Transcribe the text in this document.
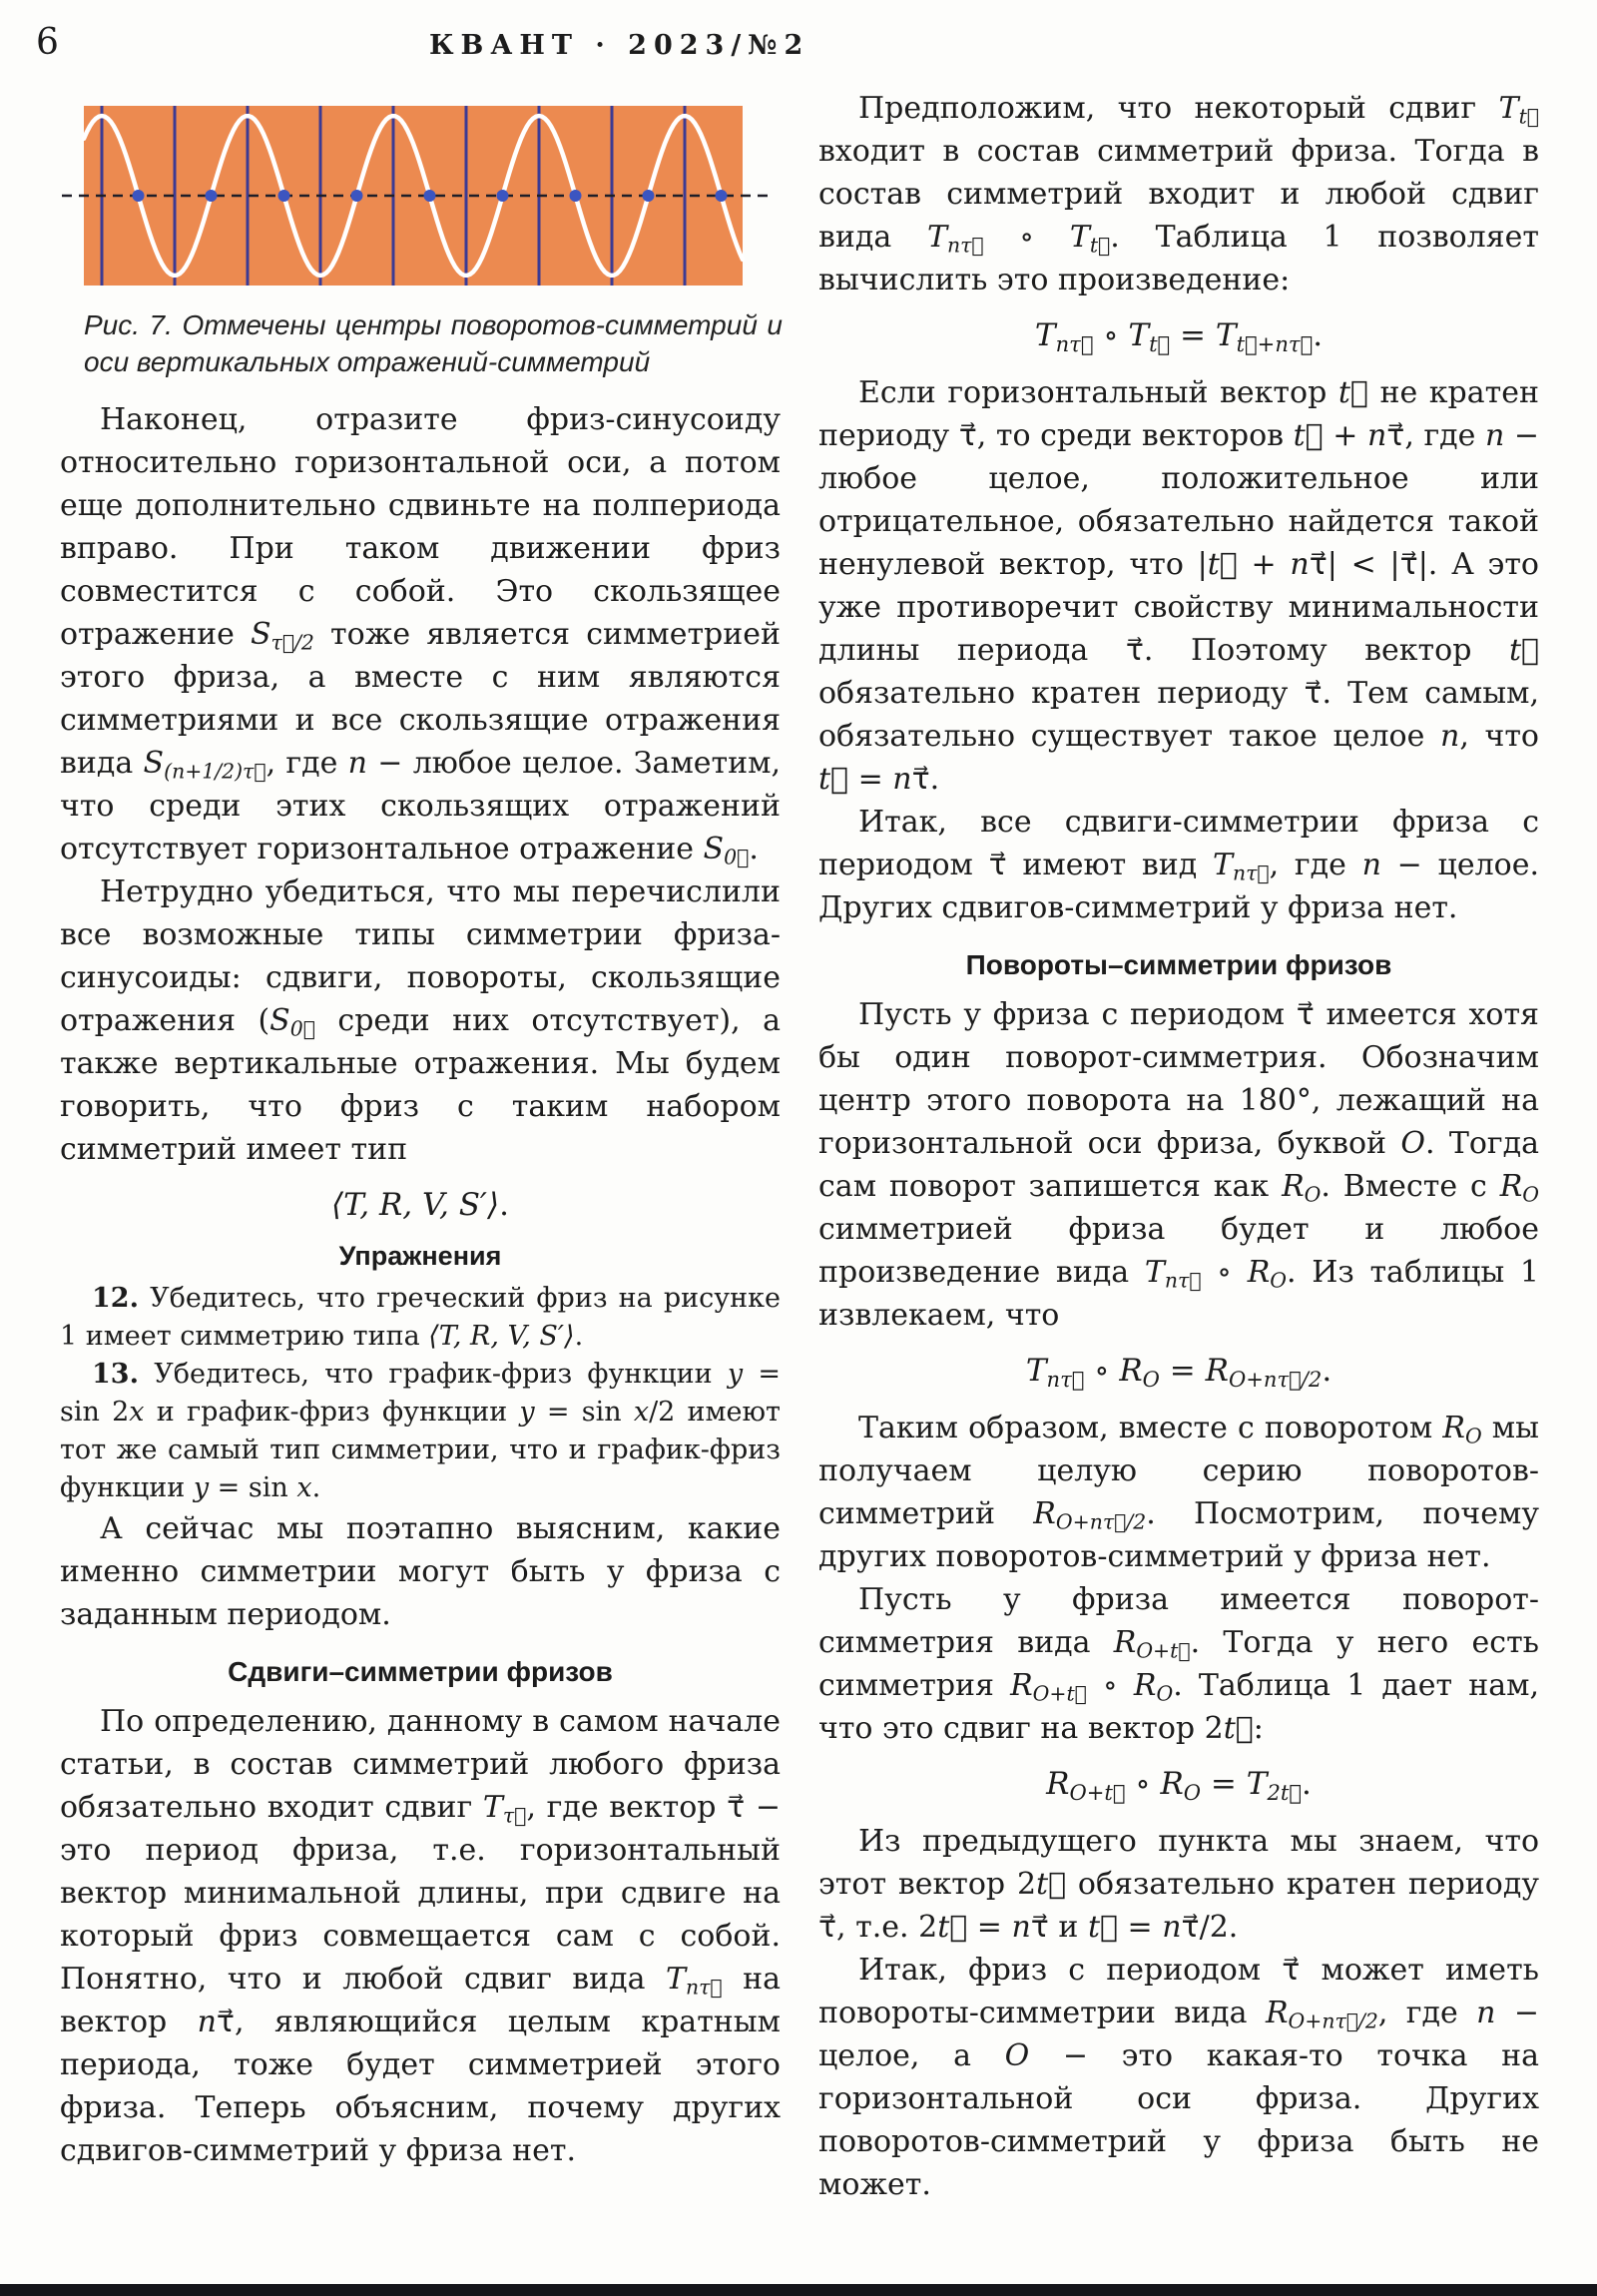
6	КВАНТ · 2023/№2
Рис. 7. Отмечены центры поворотов-симметрий и оси вертикальных отражений-симметрий

Наконец, отразите фриз-синусоиду относительно горизонтальной оси, а потом еще дополнительно сдвиньте на полпериода вправо. При таком движении фриз совместится с собой. Это скользящее отражение $S_{\tau⃗/2}$ тоже является симметрией этого фриза, а вместе с ним являются симметриями и все скользящие отражения вида $S_{(n+1/2)\tau⃗}$, где n − любое целое. Заметим, что среди этих скользящих отражений отсутствует горизонтальное отражение $S_{0⃗}$.

Нетрудно убедиться, что мы перечислили все возможные типы симметрии фриза-синусоиды: сдвиги, повороты, скользящие отражения ($S_{0⃗}$ среди них отсутствует), а также вертикальные отражения. Мы будем говорить, что фриз с таким набором симметрий имеет тип

⟨T, R, V, S′⟩.
Упражнения

12. Убедитесь, что греческий фриз на рисунке 1 имеет симметрию типа ⟨T, R, V, S′⟩.

13. Убедитесь, что график-фриз функции y = sin 2x и график-фриз функции y = sin x/2 имеют тот же самый тип симметрии, что и график-фриз функции y = sin x.

А сейчас мы поэтапно выясним, какие именно симметрии могут быть у фриза с заданным периодом.

Сдвиги–симметрии фризов

По определению, данному в самом начале статьи, в состав симметрий любого фриза обязательно входит сдвиг $T_{\tau⃗}$, где вектор τ⃗ − это период фриза, т.е. горизонтальный вектор минимальной длины, при сдвиге на который фриз совмещается сам с собой. Понятно, что и любой сдвиг вида $T_{n\tau⃗}$ на вектор nτ⃗, являющийся целым кратным периода, тоже будет симметрией этого фриза. Теперь объясним, почему других сдвигов-симметрий у фриза нет.

Предположим, что некоторый сдвиг $T_{t⃗}$ входит в состав симметрий фриза. Тогда в состав симметрий входит и любой сдвиг вида $T_{n\tau⃗}$ ∘ $T_{t⃗}$. Таблица 1 позволяет вычислить это произведение:

$T_{n\tau⃗}$ ∘ $T_{t⃗} = T_{t⃗+n\tau⃗}$.

Если горизонтальный вектор t⃗ не кратен периоду τ⃗, то среди векторов t⃗ + nτ⃗, где n − любое целое, положительное или отрицательное, обязательно найдется такой ненулевой вектор, что |t⃗ + nτ⃗| < |τ⃗|. А это уже противоречит свойству минимальности длины периода τ⃗. Поэтому вектор t⃗ обязательно кратен периоду τ⃗. Тем самым, обязательно существует такое целое n, что t⃗ = nτ⃗.

Итак, все сдвиги-симметрии фриза с периодом τ⃗ имеют вид $T_{n\tau⃗}$, где n − целое. Других сдвигов-симметрий у фриза нет.

Повороты–симметрии фризов

Пусть у фриза с периодом τ⃗ имеется хотя бы один поворот-симметрия. Обозначим центр этого поворота на 180°, лежащий на горизонтальной оси фриза, буквой O. Тогда сам поворот запишется как $R_O$. Вместе с $R_O$ симметрией фриза будет и любое произведение вида $T_{n\tau⃗}$ ∘ $R_O$. Из таблицы 1 извлекаем, что

$T_{n\tau⃗}$ ∘ $R_O = R_{O+n\tau⃗/2}$.

Таким образом, вместе с поворотом $R_O$ мы получаем целую серию поворотов-симметрий $R_{O+n\tau⃗/2}$. Посмотрим, почему других поворотов-симметрий у фриза нет.

Пусть у фриза имеется поворот-симметрия вида $R_{O+t⃗}$. Тогда у него есть симметрия $R_{O+t⃗}$ ∘ $R_O$. Таблица 1 дает нам, что это сдвиг на вектор 2t⃗:

$R_{O+t⃗}$ ∘ $R_O = T_{2t⃗}$.

Из предыдущего пункта мы знаем, что этот вектор 2t⃗ обязательно кратен периоду τ⃗, т.е. 2t⃗ = nτ⃗ и t⃗ = nτ⃗/2.

Итак, фриз с периодом τ⃗ может иметь повороты-симметрии вида $R_{O+n\tau⃗/2}$, где n − целое, а O − это какая-то точка на горизонтальной оси фриза. Других поворотов-симметрий у фриза быть не может.
